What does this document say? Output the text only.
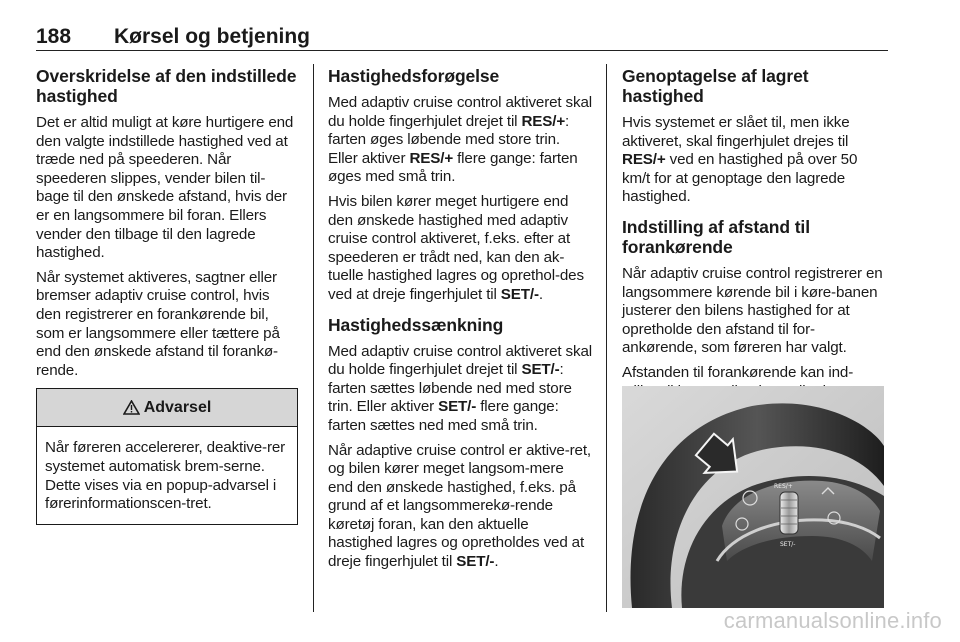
188 Kørsel og betjening
Overskridelse af den indstillede hastighed

Det er altid muligt at køre hurtigere end den valgte indstillede hastighed ved at træde ned på speederen. Når speederen slippes, vender bilen til-bage til den ønskede afstand, hvis der er en langsommere bil foran. Ellers vender den tilbage til den lagrede hastighed.

Når systemet aktiveres, sagtner eller bremser adaptiv cruise control, hvis den registrerer en forankørende bil, som er langsommere eller tættere på end den ønskede afstand til forankø-rende.

Advarsel

Når føreren accelererer, deaktive-rer systemet automatisk brem-serne. Dette vises via en popup-advarsel i førerinformationscen-tret.

Hastighedsforøgelse

Med adaptiv cruise control aktiveret skal du holde fingerhjulet drejet til RES/+: farten øges løbende med store trin. Eller aktiver RES/+ flere gange: farten øges med små trin.

Hvis bilen kører meget hurtigere end den ønskede hastighed med adaptiv cruise control aktiveret, f.eks. efter at speederen er trådt ned, kan den ak-tuelle hastighed lagres og oprethol-des ved at dreje fingerhjulet til SET/-.

Hastighedssænkning

Med adaptiv cruise control aktiveret skal du holde fingerhjulet drejet til SET/-: farten sættes løbende ned med store trin. Eller aktiver SET/- flere gange: farten sættes ned med små trin.

Når adaptive cruise control er aktive-ret, og bilen kører meget langsom-mere end den ønskede hastighed, f.eks. på grund af et langsommerekø-rende køretøj foran, kan den aktuelle hastighed lagres og opretholdes ved at dreje fingerhjulet til SET/-.

Genoptagelse af lagret hastighed

Hvis systemet er slået til, men ikke aktiveret, skal fingerhjulet drejes til RES/+ ved en hastighed på over 50 km/t for at genoptage den lagrede hastighed.

Indstilling af afstand til forankørende

Når adaptiv cruise control registrerer en langsommere kørende bil i køre-banen justerer den bilens hastighed for at opretholde den afstand til for-ankørende, som føreren har valgt.

Afstanden til forankørende kan ind-

RES/+
SET/-
carmanualsonline.info
